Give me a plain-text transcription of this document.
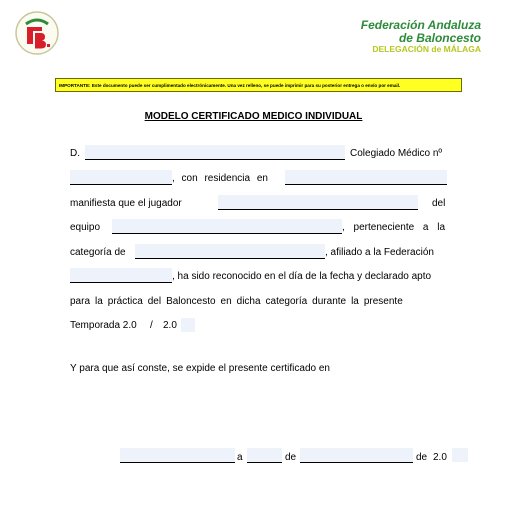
Federación Andaluza
de Baloncesto
DELEGACIÓN de MÁLAGA
IMPORTANTE: Este documento puede ser cumplimentado electrónicamente. Una vez relleno, se puede imprimir para su posterior entrega o envío por email.
MODELO CERTIFICADO MEDICO INDIVIDUAL
D.	Colegiado Médico nº
, con residencia en
manifiesta que el jugador	del
equipo	, perteneciente a la
categoría de	, afiliado a la Federación
, ha sido reconocido en el día de la fecha y declarado apto
para la práctica del Baloncesto en dicha categoría durante la presente
Temporada 2.0 / 2.0
Y para que así conste, se expide el presente certificado en
a	de	de 2.0
